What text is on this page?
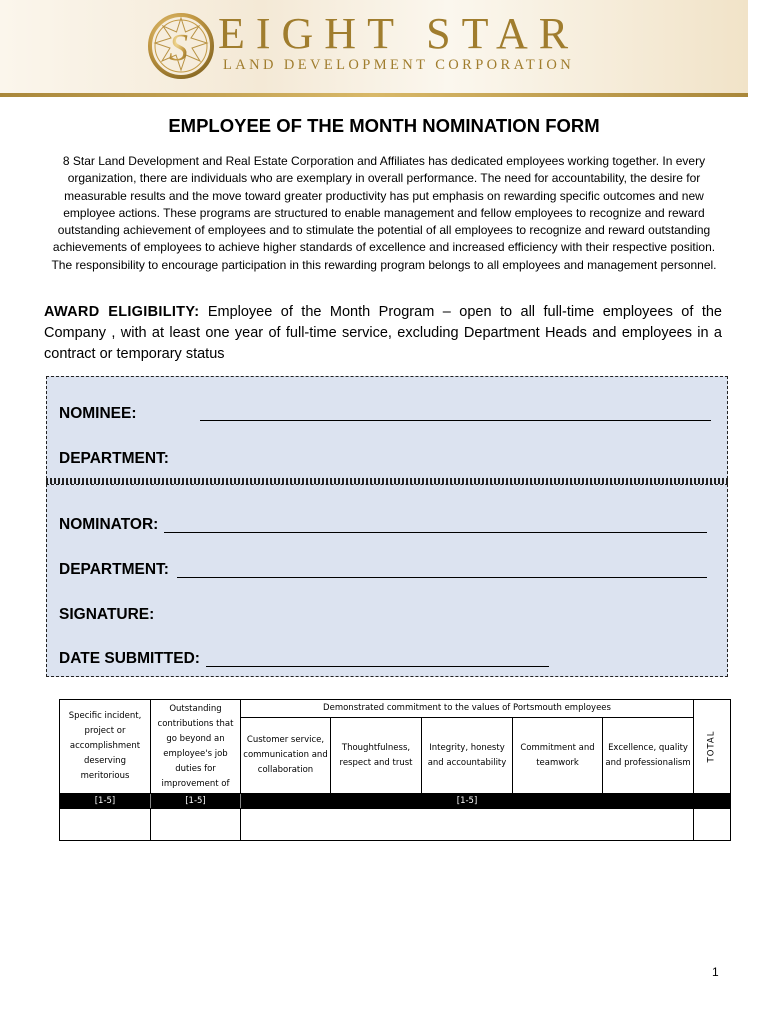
S EIGHT STAR
LAND DEVELOPMENT CORPORATION
EMPLOYEE OF THE MONTH NOMINATION FORM
8 Star Land Development and Real Estate Corporation and Affiliates has dedicated employees working together. In every organization, there are individuals who are exemplary in overall performance. The need for accountability, the desire for measurable results and the move toward greater productivity has put emphasis on rewarding specific outcomes and new employee actions. These programs are structured to enable management and fellow employees to recognize and reward outstanding achievement of employees and to stimulate the potential of all employees to recognize and reward outstanding achievements of employees to achieve higher standards of excellence and increased efficiency with their respective position. The responsibility to encourage participation in this rewarding program belongs to all employees and management personnel.
AWARD ELIGIBILITY: Employee of the Month Program – open to all full-time employees of the Company , with at least one year of full-time service, excluding Department Heads and employees in a contract or temporary status
NOMINEE:
DEPARTMENT:
NOMINATOR:
DEPARTMENT:
SIGNATURE:
DATE SUBMITTED:
Specific incident, project or accomplishment deserving meritorious	Outstanding contributions that go beyond an employee's job duties for improvement of	Demonstrated commitment to the values of Portsmouth employees					TOTAL
		Customer service, communication and collaboration	Thoughtfulness, respect and trust	Integrity, honesty and accountability	Commitment and teamwork	Excellence, quality and professionalism	
[1-5]	[1-5]	[1-5]					

1
